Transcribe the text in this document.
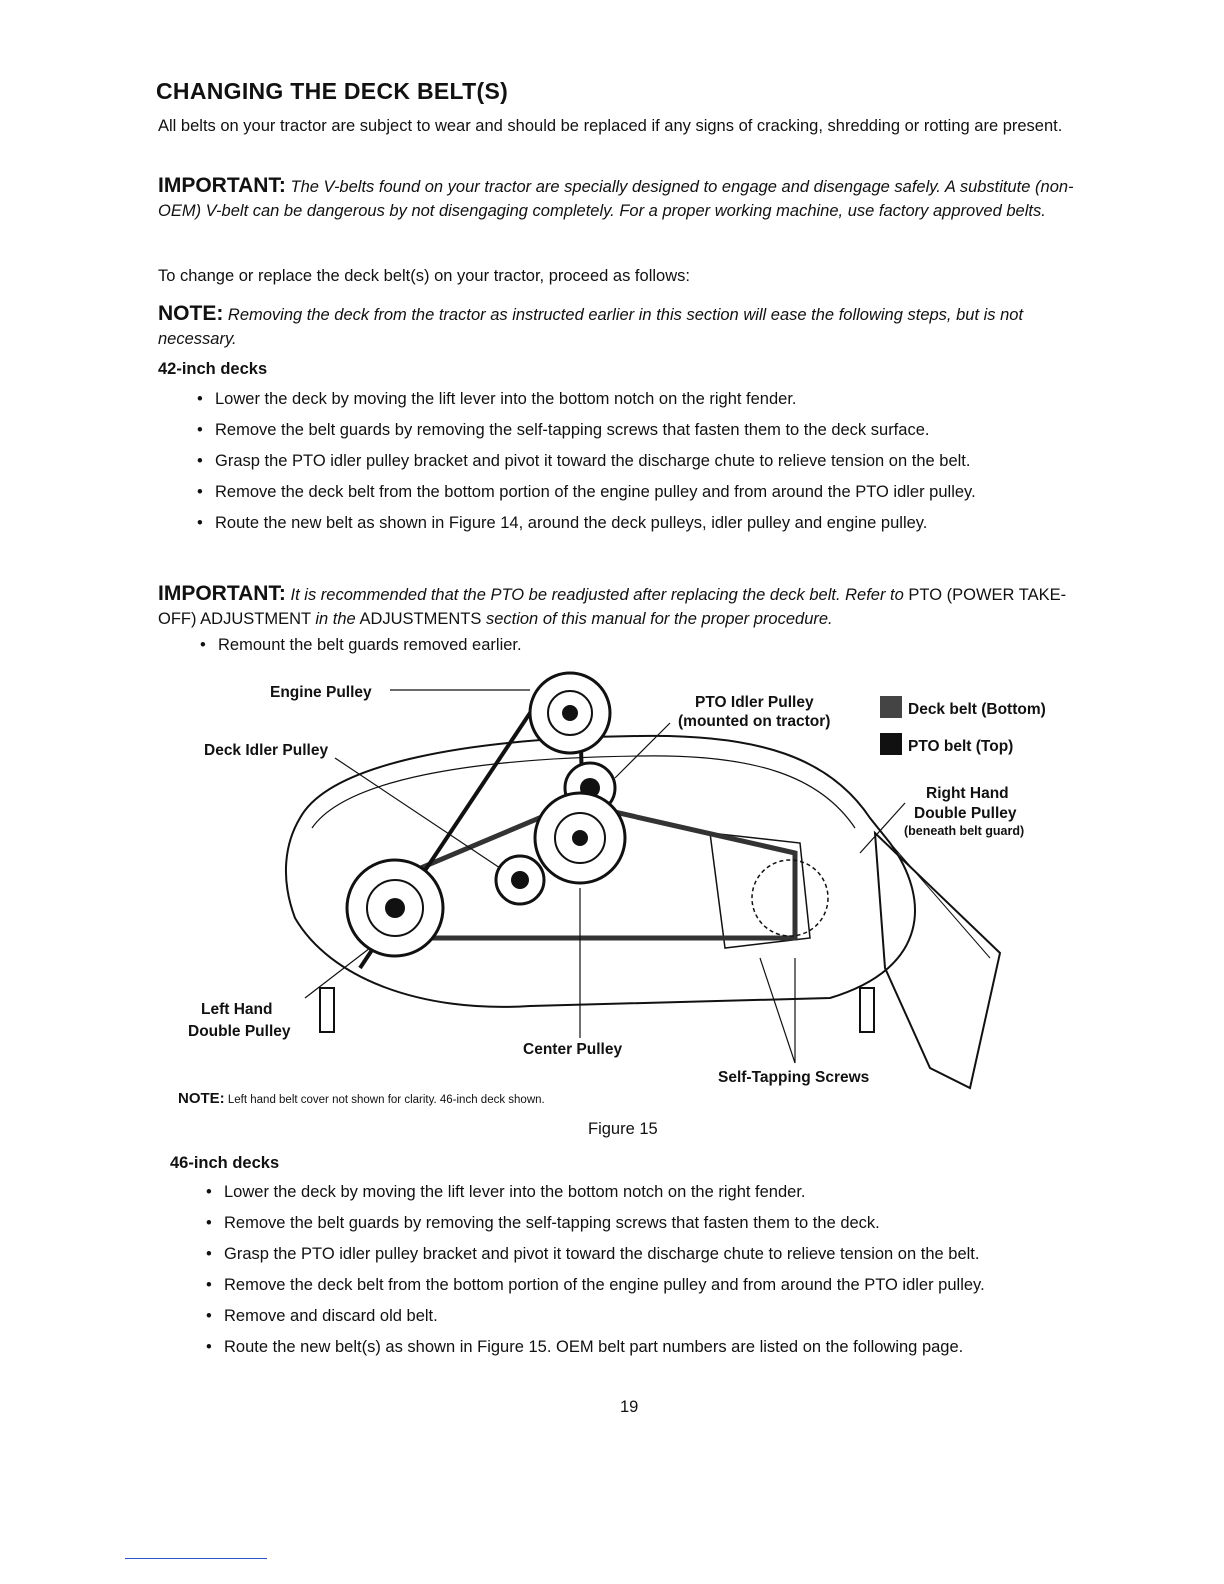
CHANGING THE DECK BELT(S)

All belts on your tractor are subject to wear and should be replaced if any signs of cracking, shredding or rotting are present.

IMPORTANT: The V-belts found on your tractor are specially designed to engage and disengage safely. A substitute (non-OEM) V-belt can be dangerous by not disengaging completely. For a proper working machine, use factory approved belts.

To change or replace the deck belt(s) on your tractor, proceed as follows:

NOTE: Removing the deck from the tractor as instructed earlier in this section will ease the following steps, but is not necessary.

42-inch decks

• Lower the deck by moving the lift lever into the bottom notch on the right fender.
• Remove the belt guards by removing the self-tapping screws that fasten them to the deck surface.
• Grasp the PTO idler pulley bracket and pivot it toward the discharge chute to relieve tension on the belt.
• Remove the deck belt from the bottom portion of the engine pulley and from around the PTO idler pulley.
• Route the new belt as shown in Figure 14, around the deck pulleys, idler pulley and engine pulley.

IMPORTANT: It is recommended that the PTO be readjusted after replacing the deck belt. Refer to PTO (POWER TAKE-OFF) ADJUSTMENT in the ADJUSTMENTS section of this manual for the proper procedure.

• Remount the belt guards removed earlier.
Engine Pulley
Deck Idler Pulley
PTO Idler Pulley
(mounted on tractor)
Deck belt (Bottom)
PTO belt (Top)
Right Hand
Double Pulley
(beneath belt guard)
Left Hand
Double Pulley
Center Pulley
Self-Tapping Screws
NOTE: Left hand belt cover not shown for clarity. 46-inch deck shown.
Figure 15

46-inch decks

• Lower the deck by moving the lift lever into the bottom notch on the right fender.
• Remove the belt guards by removing the self-tapping screws that fasten them to the deck.
• Grasp the PTO idler pulley bracket and pivot it toward the discharge chute to relieve tension on the belt.
• Remove the deck belt from the bottom portion of the engine pulley and from around the PTO idler pulley.
• Remove and discard old belt.
• Route the new belt(s) as shown in Figure 15. OEM belt part numbers are listed on the following page.
19
